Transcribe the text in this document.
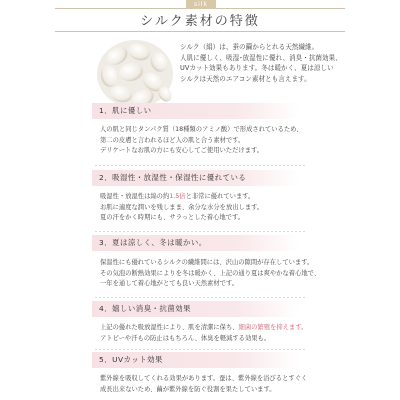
silk
シルク素材の特徴
シルク（絹）は、蚕の繭からとれる天然繊維。
人肌に優しく、吸湿･放湿性に優れ、消臭・抗菌効果、
UVカット効果もあります。冬は暖かく、夏は涼しい
シルクは天然のエアコン素材とも言えます。
1．肌に優しい
人の肌と同じタンパク質（18種類のアミノ酸）で形成されているため、
第二の皮膚と言われるほど人の肌と合う素材です。
デリケートなお肌の方にも安心してご使用いただけます。
2．吸湿性・放湿性・保湿性に優れている
吸湿性・放湿性は綿の約1.5倍と非常に優れています。
お肌に適度な潤いを残しまま、余分な水分を放出します。
夏の汗をかく時期にも、サラっとした着心地です。
3．夏は涼しく、冬は暖かい。
保温性にも優れているシルクの繊維間には、沢山の隙間が存在しています。
その気泡の断熱効果によりを冬は暖かく、上記の通り夏は爽やかな着心地で、
一年を通して着心地がとても良い天然素材です。
4．嬉しい消臭・抗菌効果
上記の優れた吸放湿性により、肌を清潔に保ち、細菌の繁殖を抑えます。
アトピーや汗もの防止はもちろん、体臭を軽減する効果も。
5．UVカット効果
紫外線を吸収してくれる効果があります。蚕は、紫外線を浴びるとすぐく
成長出来ないため、繭が紫外線を防ぐ役割を果たしています。
